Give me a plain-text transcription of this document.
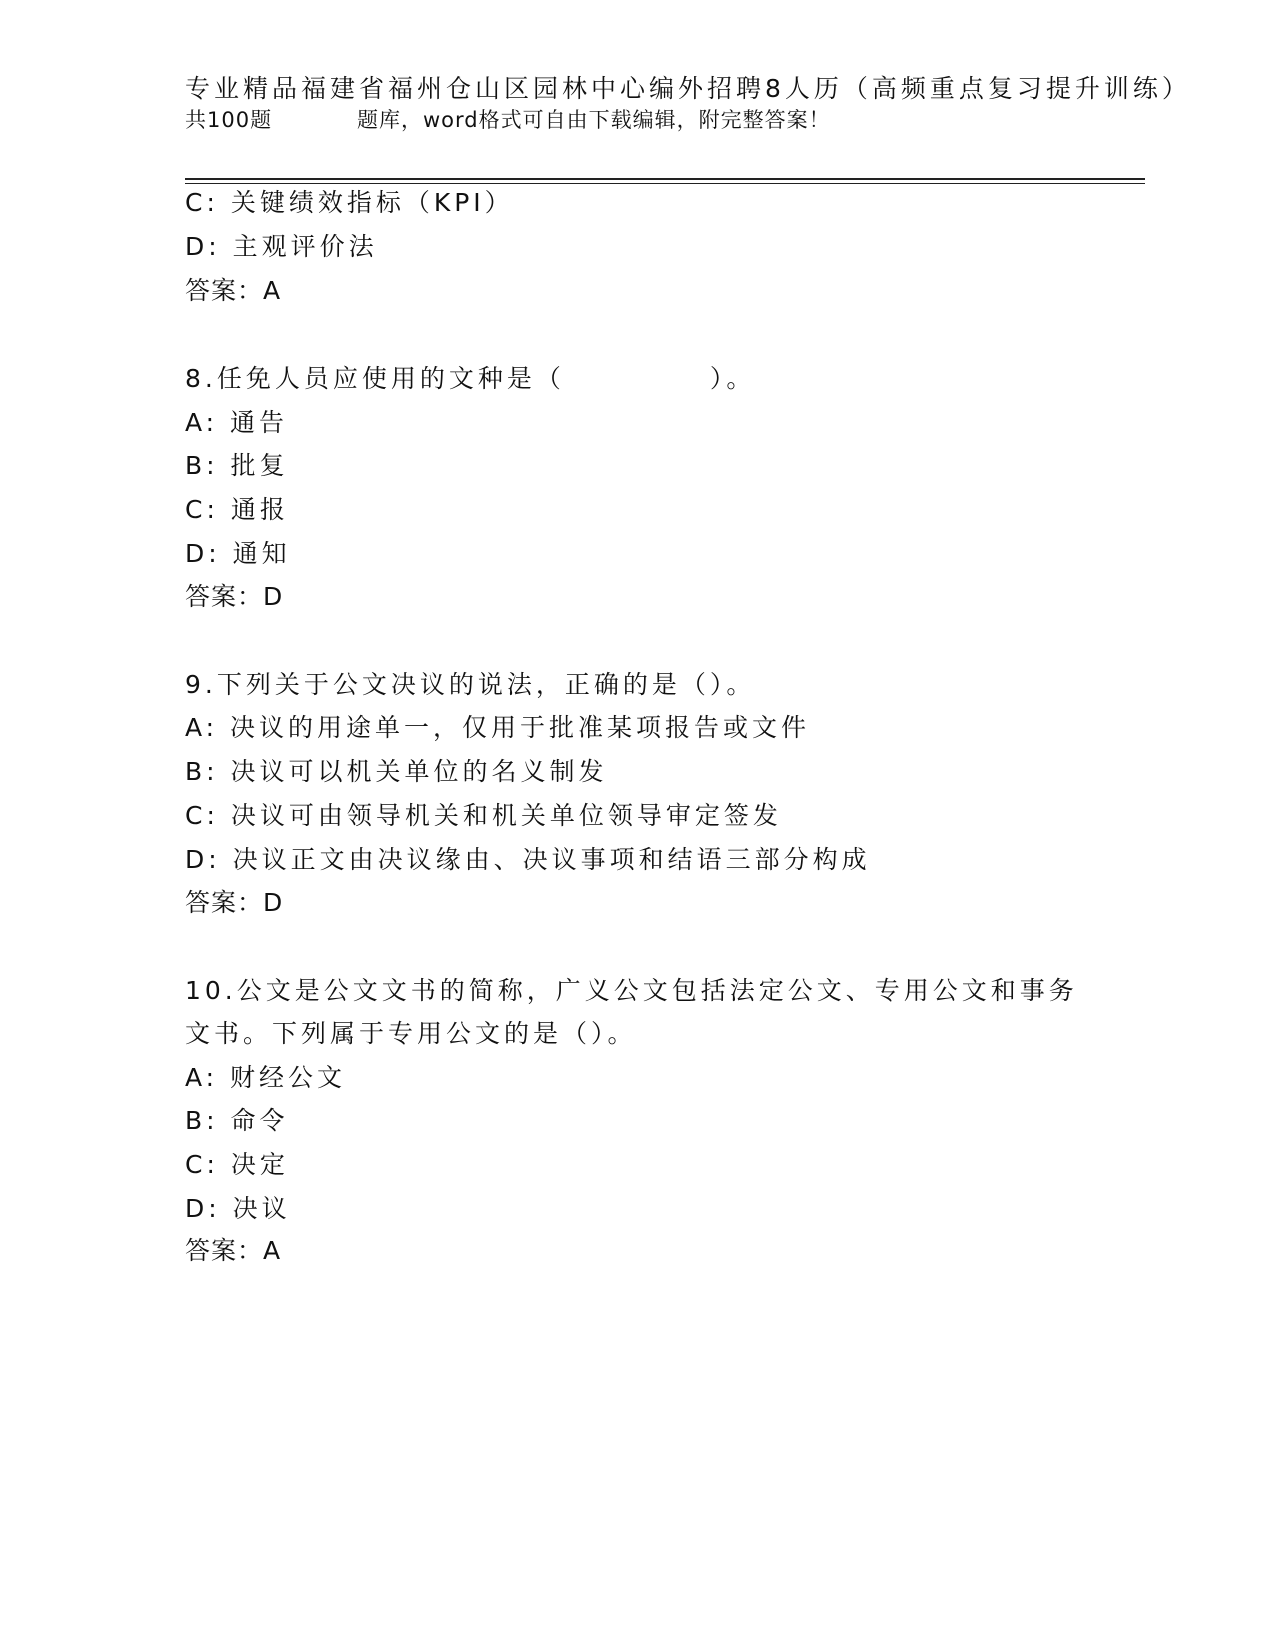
专业精品福建省福州仓山区园林中心编外招聘8人历（高频重点复习提升训练）
共100题	题库，word格式可自由下载编辑，附完整答案！
C: 关键绩效指标（KPI）
D: 主观评价法
答案：A
8.任免人员应使用的文种是（　　　　　）。
A: 通告
B: 批复
C: 通报
D: 通知
答案：D
9.下列关于公文决议的说法，正确的是（）。
A: 决议的用途单一，仅用于批准某项报告或文件
B: 决议可以机关单位的名义制发
C: 决议可由领导机关和机关单位领导审定签发
D: 决议正文由决议缘由、决议事项和结语三部分构成
答案：D
10.公文是公文文书的简称，广义公文包括法定公文、专用公文和事务
文书。下列属于专用公文的是（）。
A: 财经公文
B: 命令
C: 决定
D: 决议
答案：A
